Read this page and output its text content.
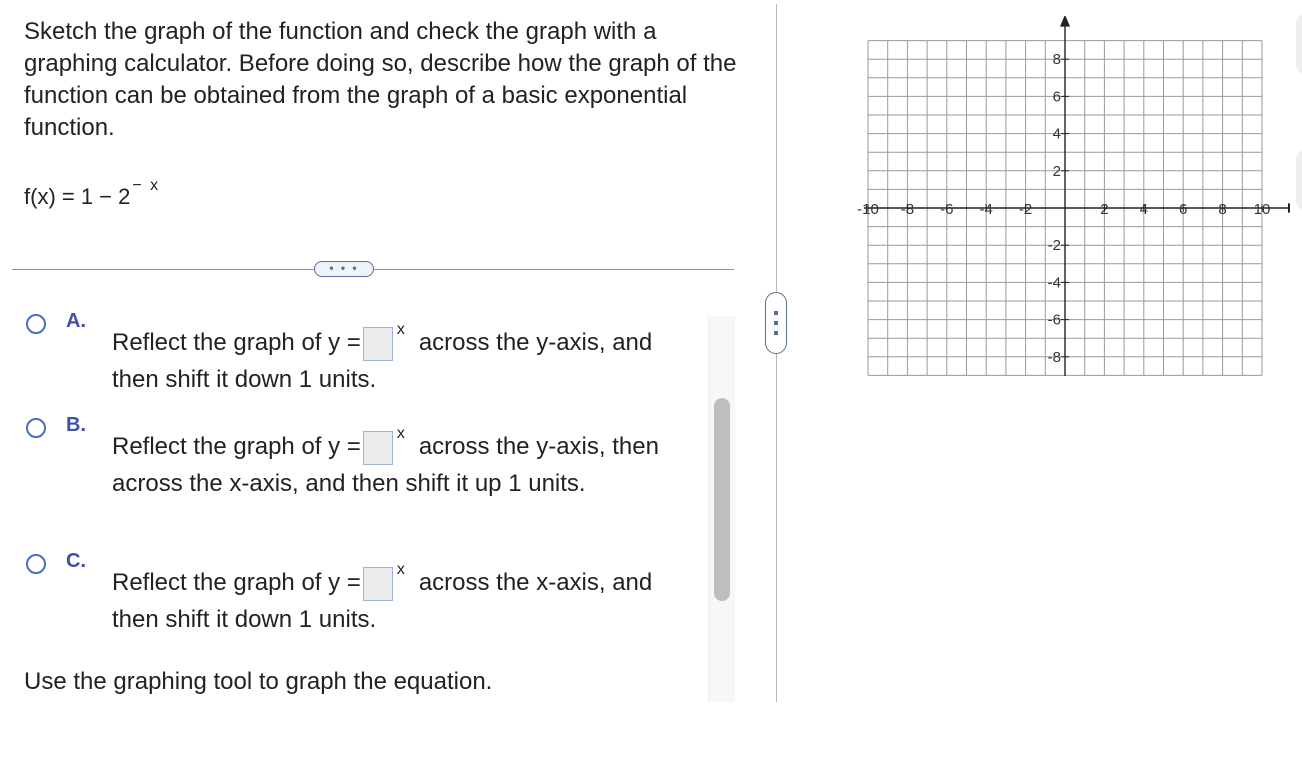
Sketch the graph of the function and check the graph with a graphing calculator. Before doing so, describe how the graph of the function can be obtained from the graph of a basic exponential function.

f(x) = 1 − 2 $^{- x}$
• • •
A.
Reflect the graph of y = $^x$ across the y-axis, and then shift it down 1 units.
B.
Reflect the graph of y = $^x$ across the y-axis, then across the x-axis, and then shift it up 1 units.
C.
Reflect the graph of y = $^x$ across the x-axis, and then shift it down 1 units.
Use the graphing tool to graph the equation.
-10 -8 -6 -4 -2	2 4 6 8 10
8
6
4
2
-2
-4
-6
-8
